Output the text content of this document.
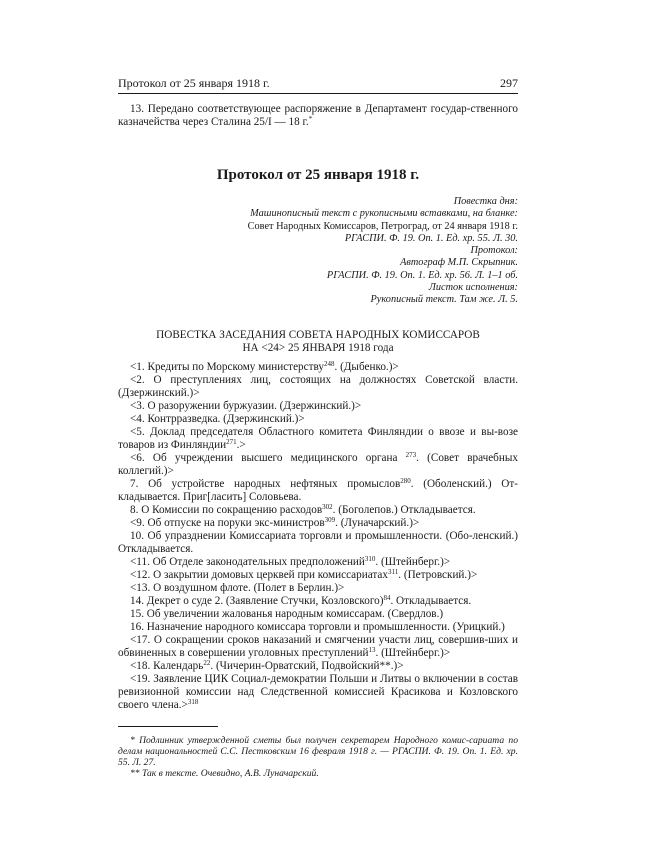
Протокол от 25 января 1918 г.	297

13. Передано соответствующее распоряжение в Департамент государ-ственного казначейства через Сталина 25/I — 18 г.*

Протокол от 25 января 1918 г.
Повестка дня:
Машинописный текст с рукописными вставками, на бланке:
Совет Народных Комиссаров, Петроград, от 24 января 1918 г.
РГАСПИ. Ф. 19. Оп. 1. Ед. хр. 55. Л. 30.
Протокол:
Автограф М.П. Скрыпник.
РГАСПИ. Ф. 19. Оп. 1. Ед. хр. 56. Л. 1–1 об.
Листок исполнения:
Рукописный текст. Там же. Л. 5.
ПОВЕСТКА ЗАСЕДАНИЯ СОВЕТА НАРОДНЫХ КОМИССАРОВ
НА <24> 25 ЯНВАРЯ 1918 года

<1. Кредиты по Морскому министерству$^{248}$. (Дыбенко.)>

<2. О преступлениях лиц, состоящих на должностях Советской власти. (Дзержинский.)>

<3. О разоружении буржуазии. (Дзержинский.)>

<4. Контрразведка. (Дзержинский.)>

<5. Доклад председателя Областного комитета Финляндии о ввозе и вы-возе товаров из Финляндии$^{271}$.>

<6. Об учреждении высшего медицинского органа $^{273}$. (Совет врачебных коллегий.)>

7. Об устройстве народных нефтяных промыслов$^{280}$. (Оболенский.) От-кладывается. Приг[ласить] Соловьева.

8. О Комиссии по сокращению расходов$^{302}$. (Боголепов.) Откладывается.

<9. Об отпуске на поруки экс-министров$^{309}$. (Луначарский.)>

10. Об упразднении Комиссариата торговли и промышленности. (Обо-ленский.) Откладывается.

<11. Об Отделе законодательных предположений$^{310}$. (Штейнберг.)>

<12. О закрытии домовых церквей при комиссариатах$^{311}$. (Петровский.)>

<13. О воздушном флоте. (Полет в Берлин.)>

14. Декрет о суде 2. (Заявление Стучки, Козловского)$^{84}$. Откладывается.

15. Об увеличении жалованья народным комиссарам. (Свердлов.)

16. Назначение народного комиссара торговли и промышленности. (Урицкий.)

<17. О сокращении сроков наказаний и смягчении участи лиц, совершив-ших и обвиненных в совершении уголовных преступлений$^{13}$. (Штейнберг.)>

<18. Календарь$^{22}$. (Чичерин-Орватский, Подвойский**.)>

<19. Заявление ЦИК Социал-демократии Польши и Литвы о включении в состав ревизионной комиссии над Следственной комиссией Красикова и Козловского своего члена.>$^{318}$

* Подлинник утвержденной сметы был получен секретарем Народного комис-сариата по делам национальностей С.С. Пестковским 16 февраля 1918 г. — РГАСПИ. Ф. 19. Оп. 1. Ед. хр. 55. Л. 27.

** Так в тексте. Очевидно, А.В. Луначарский.
